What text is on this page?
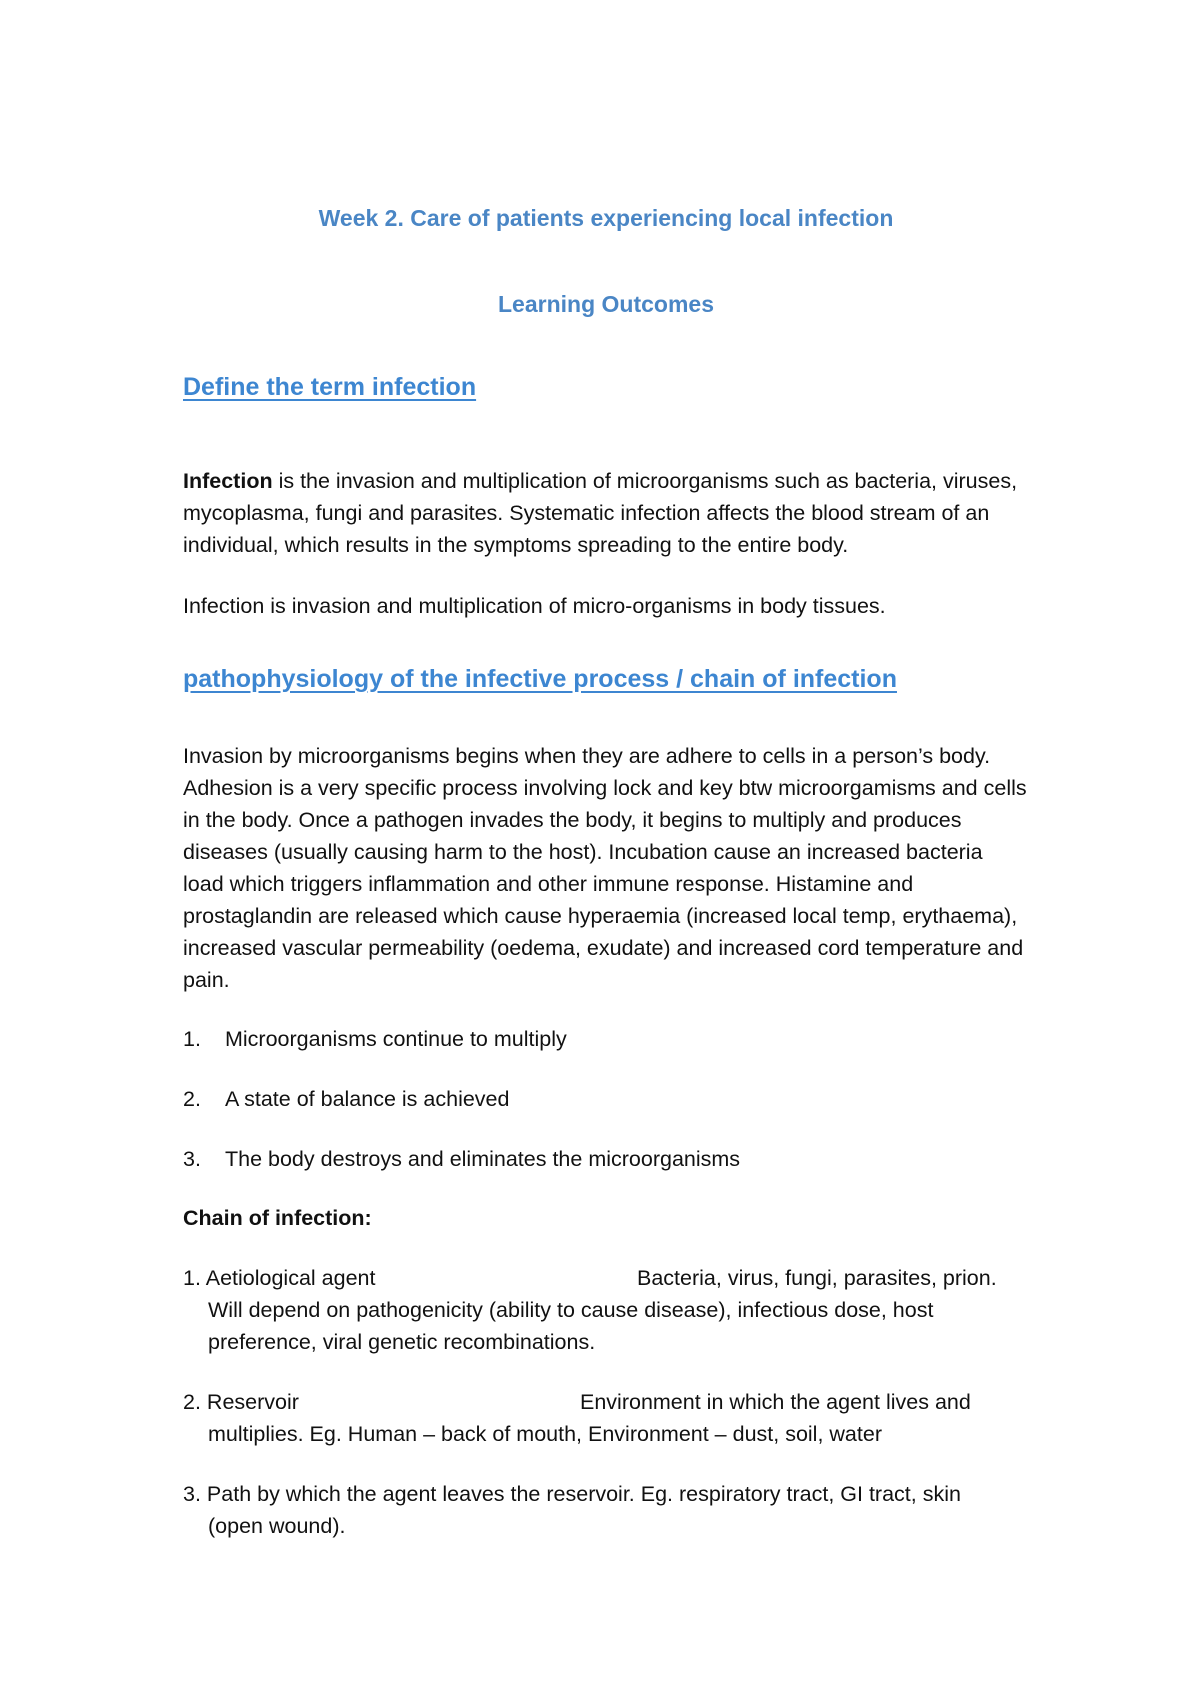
Week 2. Care of patients experiencing local infection
Learning Outcomes
Define the term infection

Infection is the invasion and multiplication of microorganisms such as bacteria, viruses, mycoplasma, fungi and parasites. Systematic infection affects the blood stream of an individual, which results in the symptoms spreading to the entire body.

Infection is invasion and multiplication of micro-organisms in body tissues.

pathophysiology of the infective process / chain of infection

Invasion by microorganisms begins when they are adhere to cells in a person’s body. Adhesion is a very specific process involving lock and key btw microorgamisms and cells in the body. Once a pathogen invades the body, it begins to multiply and produces diseases (usually causing harm to the host). Incubation cause an increased bacteria load which triggers inflammation and other immune response. Histamine and prostaglandin are released which cause hyperaemia (increased local temp, erythaema), increased vascular permeability (oedema, exudate) and increased cord temperature and pain.

1. Microorganisms continue to multiply
2. A state of balance is achieved
3. The body destroys and eliminates the microorganisms

Chain of infection:

1. Aetiological agent	Bacteria, virus, fungi, parasites, prion.
Will depend on pathogenicity (ability to cause disease), infectious dose, host preference, viral genetic recombinations.
2. Reservoir	Environment in which the agent lives and
multiplies. Eg. Human – back of mouth, Environment – dust, soil, water
3. Path by which the agent leaves the reservoir. Eg. respiratory tract, GI tract, skin
(open wound).
